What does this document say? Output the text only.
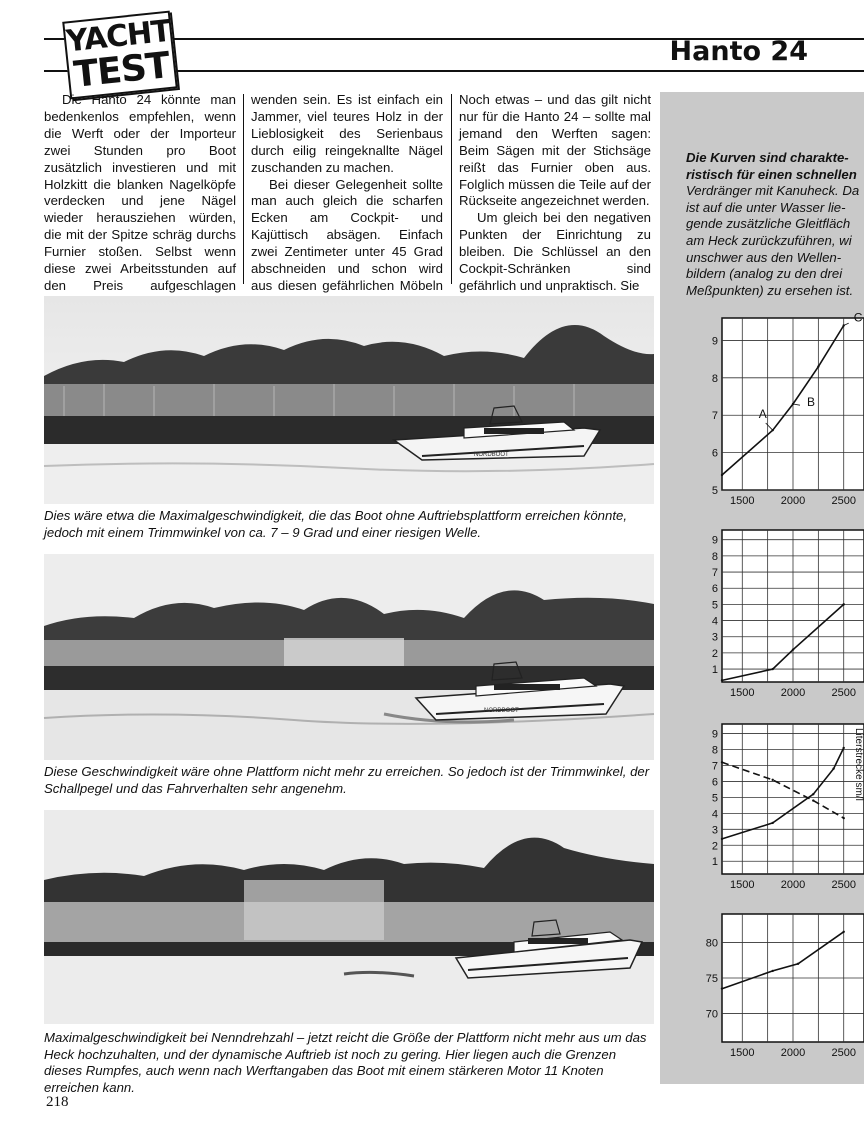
YACHT
TEST	Hanto 24

Die Hanto 24 könnte man bedenkenlos empfehlen, wenn die Werft oder der Importeur zwei Stunden pro Boot zusätzlich investieren und mit Holzkitt die blanken Nagelköpfe verdecken und jene Nägel wieder herausziehen würden, die mit der Spitze schräg durchs Furnier stoßen. Selbst wenn diese zwei Arbeitsstunden auf den Preis aufgeschlagen

wenden sein. Es ist einfach ein Jammer, viel teures Holz in der Lieblosigkeit des Serienbaus durch eilig reingeknallte Nägel zuschanden zu machen.

Bei dieser Gelegenheit sollte man auch gleich die scharfen Ecken am Cockpit- und Kajüttisch absägen. Einfach zwei Zentimeter unter 45 Grad abschneiden und schon wird aus diesen gefährlichen Möbeln

Noch etwas – und das gilt nicht nur für die Hanto 24 – sollte mal jemand den Werften sagen: Beim Sägen mit der Stichsäge reißt das Furnier oben aus. Folglich müssen die Teile auf der Rückseite angezeichnet werden.

Um gleich bei den negativen Punkten der Einrichtung zu bleiben. Die Schlüssel an den Cockpit-Schränken sind gefährlich und unpraktisch. Sie

NORDBOOT
Dies wäre etwa die Maximalgeschwindigkeit, die das Boot ohne Auftriebsplattform erreichen könnte, jedoch mit einem Trimmwinkel von ca. 7 – 9 Grad und einer riesigen Welle.
NORDBOOT
Diese Geschwindigkeit wäre ohne Plattform nicht mehr zu erreichen. So jedoch ist der Trimmwinkel, der Schallpegel und das Fahrverhalten sehr angenehm.
Maximalgeschwindigkeit bei Nenndrehzahl – jetzt reicht die Größe der Plattform nicht mehr aus um das Heck hochzuhalten, und der dynamische Auftrieb ist noch zu gering. Hier liegen auch die Grenzen dieses Rumpfes, auch wenn nach Werftangaben das Boot mit einem stärkeren Motor 11 Knoten erreichen kann.
Die Kurven sind charakte-
ristisch für einen schnellen
Verdränger mit Kanuheck. Da
ist auf die unter Wasser lie-
gende zusätzliche Gleitfläch
am Heck zurückzuführen, wi
unschwer aus den Wellen-
bildern (analog zu den drei
Meßpunkten) zu ersehen ist.
5
6
7
8
9
1500 2000 2500
A
B
C
1
2
3
4
5
6
7
8
9
1500 2000 2500
1
2
3
4
5
6
7
8
9
1500 2000 2500
Literstrecke sm/l
70
75
80
1500 2000 2500
218
